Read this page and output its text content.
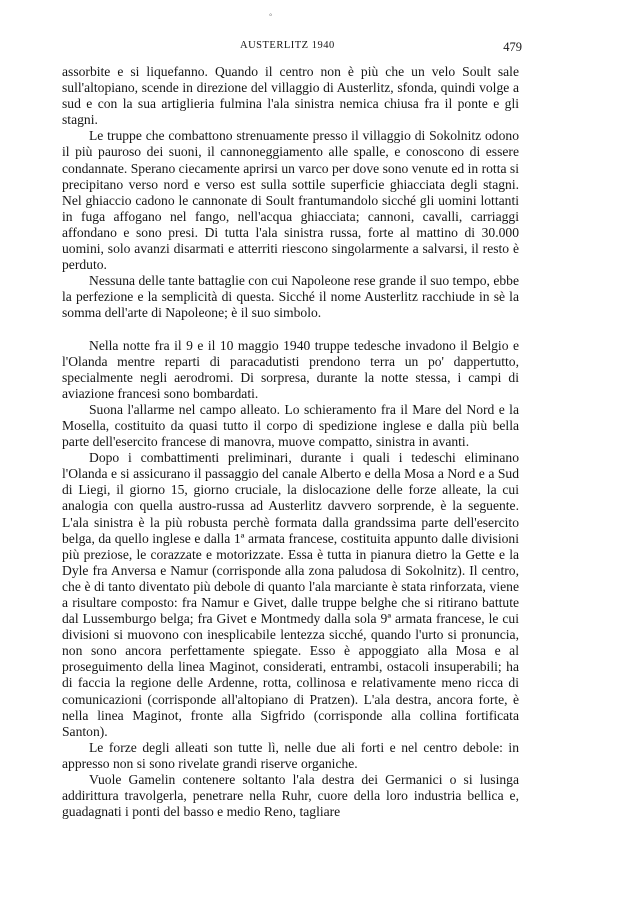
°
AUSTERLITZ 1940	479

assorbite e si liquefanno. Quando il centro non è più che un velo Soult sale sull'altopiano, scende in direzione del villaggio di Austerlitz, sfonda, quindi volge a sud e con la sua artiglieria fulmina l'ala sinistra nemica chiusa fra il ponte e gli stagni.

Le truppe che combattono strenuamente presso il villaggio di Sokolnitz odono il più pauroso dei suoni, il cannoneggiamento alle spalle, e conoscono di essere condannate. Sperano ciecamente aprirsi un varco per dove sono venute ed in rotta si precipitano verso nord e verso est sulla sottile superficie ghiacciata degli stagni. Nel ghiaccio cadono le cannonate di Soult frantumandolo sicché gli uomini lottanti in fuga affogano nel fango, nell'acqua ghiacciata; cannoni, cavalli, carriaggi affondano e sono presi. Di tutta l'ala sinistra russa, forte al mattino di 30.000 uomini, solo avanzi disarmati e atterriti riescono singolarmente a salvarsi, il resto è perduto.

Nessuna delle tante battaglie con cui Napoleone rese grande il suo tempo, ebbe la perfezione e la semplicità di questa. Sicché il nome Austerlitz racchiude in sè la somma dell'arte di Napoleone; è il suo simbolo.

Nella notte fra il 9 e il 10 maggio 1940 truppe tedesche invadono il Belgio e l'Olanda mentre reparti di paracadutisti prendono terra un po' dappertutto, specialmente negli aerodromi. Di sorpresa, durante la notte stessa, i campi di aviazione francesi sono bombardati.

Suona l'allarme nel campo alleato. Lo schieramento fra il Mare del Nord e la Mosella, costituito da quasi tutto il corpo di spedizione inglese e dalla più bella parte dell'esercito francese di manovra, muove compatto, sinistra in avanti.

Dopo i combattimenti preliminari, durante i quali i tedeschi eliminano l'Olanda e si assicurano il passaggio del canale Alberto e della Mosa a Nord e a Sud di Liegi, il giorno 15, giorno cruciale, la dislocazione delle forze alleate, la cui analogia con quella austro-russa ad Austerlitz davvero sorprende, è la seguente. L'ala sinistra è la più robusta perchè formata dalla grandssima parte dell'esercito belga, da quello inglese e dalla 1ª armata francese, costituita appunto dalle divisioni più preziose, le corazzate e motorizzate. Essa è tutta in pianura dietro la Gette e la Dyle fra Anversa e Namur (corrisponde alla zona paludosa di Sokolnitz). Il centro, che è di tanto diventato più debole di quanto l'ala marciante è stata rinforzata, viene a risultare composto: fra Namur e Givet, dalle truppe belghe che si ritirano battute dal Lussemburgo belga; fra Givet e Montmedy dalla sola 9ª armata francese, le cui divisioni si muovono con inesplicabile lentezza sicché, quando l'urto si pronuncia, non sono ancora perfettamente spiegate. Esso è appoggiato alla Mosa e al proseguimento della linea Maginot, considerati, entrambi, ostacoli insuperabili; ha di faccia la regione delle Ardenne, rotta, collinosa e relativamente meno ricca di comunicazioni (corrisponde all'altopiano di Pratzen). L'ala destra, ancora forte, è nella linea Maginot, fronte alla Sigfrido (corrisponde alla collina fortificata Santon).

Le forze degli alleati son tutte lì, nelle due ali forti e nel centro debole: in appresso non si sono rivelate grandi riserve organiche.

Vuole Gamelin contenere soltanto l'ala destra dei Germanici o si lusinga addirittura travolgerla, penetrare nella Ruhr, cuore della loro industria bellica e, guadagnati i ponti del basso e medio Reno, tagliare
